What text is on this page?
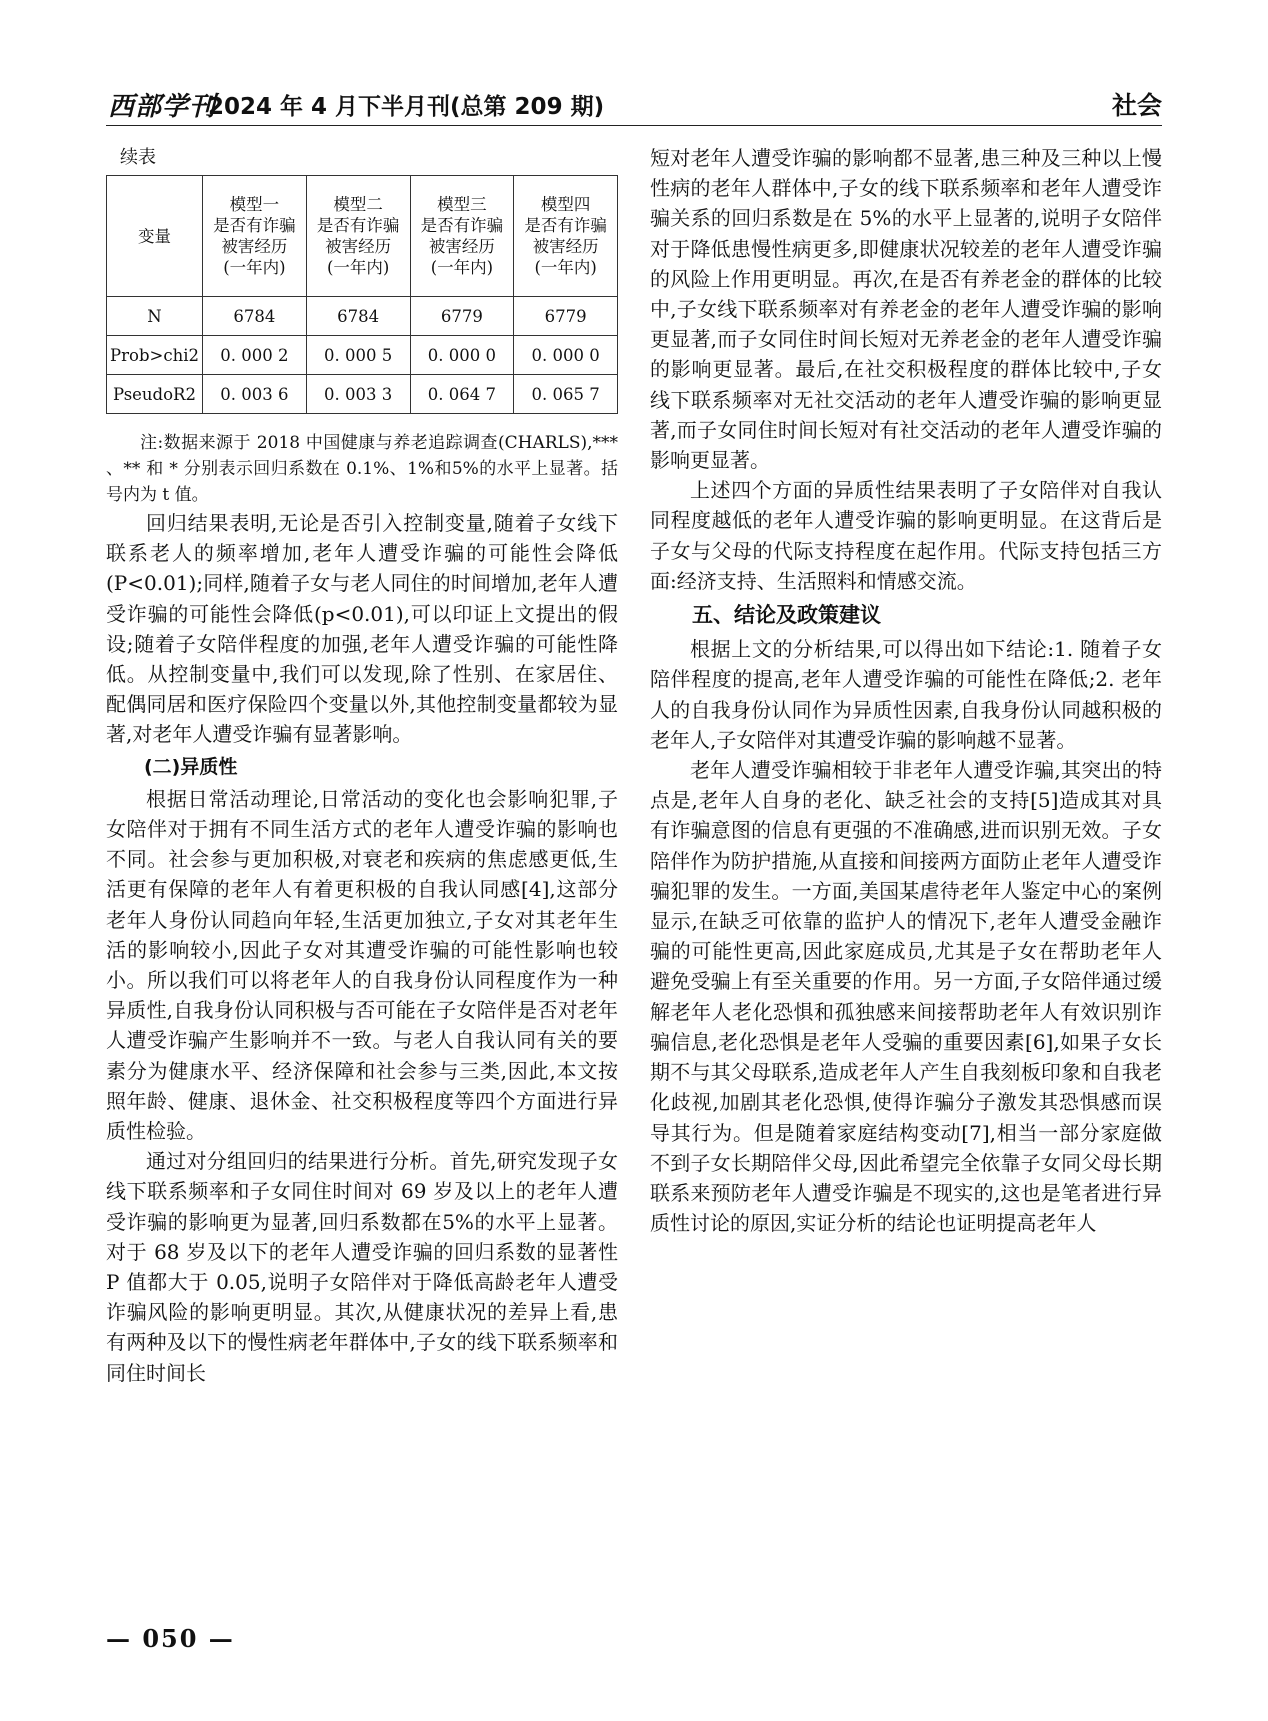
西部学刊
2024 年 4 月下半月刊(总第 209 期)	社会
续表
变量	模型一
是否有诈骗
被害经历
(一年内)	模型二
是否有诈骗
被害经历
(一年内)	模型三
是否有诈骗
被害经历
(一年内)	模型四
是否有诈骗
被害经历
(一年内)
N	6784	6784	6779	6779
Prob>chi2	0. 000 2	0. 000 5	0. 000 0	0. 000 0
PseudoR2	0. 003 6	0. 003 3	0. 064 7	0. 065 7

注:数据来源于 2018 中国健康与养老追踪调查(CHARLS),*** 、** 和 * 分别表示回归系数在 0.1%、1%和5%的水平上显著。括号内为 t 值。

回归结果表明,无论是否引入控制变量,随着子女线下联系老人的频率增加,老年人遭受诈骗的可能性会降低(P<0.01);同样,随着子女与老人同住的时间增加,老年人遭受诈骗的可能性会降低(p<0.01),可以印证上文提出的假设;随着子女陪伴程度的加强,老年人遭受诈骗的可能性降低。从控制变量中,我们可以发现,除了性别、在家居住、配偶同居和医疗保险四个变量以外,其他控制变量都较为显著,对老年人遭受诈骗有显著影响。

(二)异质性

根据日常活动理论,日常活动的变化也会影响犯罪,子女陪伴对于拥有不同生活方式的老年人遭受诈骗的影响也不同。社会参与更加积极,对衰老和疾病的焦虑感更低,生活更有保障的老年人有着更积极的自我认同感[4],这部分老年人身份认同趋向年轻,生活更加独立,子女对其老年生活的影响较小,因此子女对其遭受诈骗的可能性影响也较小。所以我们可以将老年人的自我身份认同程度作为一种异质性,自我身份认同积极与否可能在子女陪伴是否对老年人遭受诈骗产生影响并不一致。与老人自我认同有关的要素分为健康水平、经济保障和社会参与三类,因此,本文按照年龄、健康、退休金、社交积极程度等四个方面进行异质性检验。

通过对分组回归的结果进行分析。首先,研究发现子女线下联系频率和子女同住时间对 69 岁及以上的老年人遭受诈骗的影响更为显著,回归系数都在5%的水平上显著。对于 68 岁及以下的老年人遭受诈骗的回归系数的显著性 P 值都大于 0.05,说明子女陪伴对于降低高龄老年人遭受诈骗风险的影响更明显。其次,从健康状况的差异上看,患有两种及以下的慢性病老年群体中,子女的线下联系频率和同住时间长

短对老年人遭受诈骗的影响都不显著,患三种及三种以上慢性病的老年人群体中,子女的线下联系频率和老年人遭受诈骗关系的回归系数是在 5%的水平上显著的,说明子女陪伴对于降低患慢性病更多,即健康状况较差的老年人遭受诈骗的风险上作用更明显。再次,在是否有养老金的群体的比较中,子女线下联系频率对有养老金的老年人遭受诈骗的影响更显著,而子女同住时间长短对无养老金的老年人遭受诈骗的影响更显著。最后,在社交积极程度的群体比较中,子女线下联系频率对无社交活动的老年人遭受诈骗的影响更显著,而子女同住时间长短对有社交活动的老年人遭受诈骗的影响更显著。

上述四个方面的异质性结果表明了子女陪伴对自我认同程度越低的老年人遭受诈骗的影响更明显。在这背后是子女与父母的代际支持程度在起作用。代际支持包括三方面:经济支持、生活照料和情感交流。

五、结论及政策建议

根据上文的分析结果,可以得出如下结论:1. 随着子女陪伴程度的提高,老年人遭受诈骗的可能性在降低;2. 老年人的自我身份认同作为异质性因素,自我身份认同越积极的老年人,子女陪伴对其遭受诈骗的影响越不显著。

老年人遭受诈骗相较于非老年人遭受诈骗,其突出的特点是,老年人自身的老化、缺乏社会的支持[5]造成其对具有诈骗意图的信息有更强的不准确感,进而识别无效。子女陪伴作为防护措施,从直接和间接两方面防止老年人遭受诈骗犯罪的发生。一方面,美国某虐待老年人鉴定中心的案例显示,在缺乏可依靠的监护人的情况下,老年人遭受金融诈骗的可能性更高,因此家庭成员,尤其是子女在帮助老年人避免受骗上有至关重要的作用。另一方面,子女陪伴通过缓解老年人老化恐惧和孤独感来间接帮助老年人有效识别诈骗信息,老化恐惧是老年人受骗的重要因素[6],如果子女长期不与其父母联系,造成老年人产生自我刻板印象和自我老化歧视,加剧其老化恐惧,使得诈骗分子激发其恐惧感而误导其行为。但是随着家庭结构变动[7],相当一部分家庭做不到子女长期陪伴父母,因此希望完全依靠子女同父母长期联系来预防老年人遭受诈骗是不现实的,这也是笔者进行异质性讨论的原因,实证分析的结论也证明提高老年人

— 050 —
